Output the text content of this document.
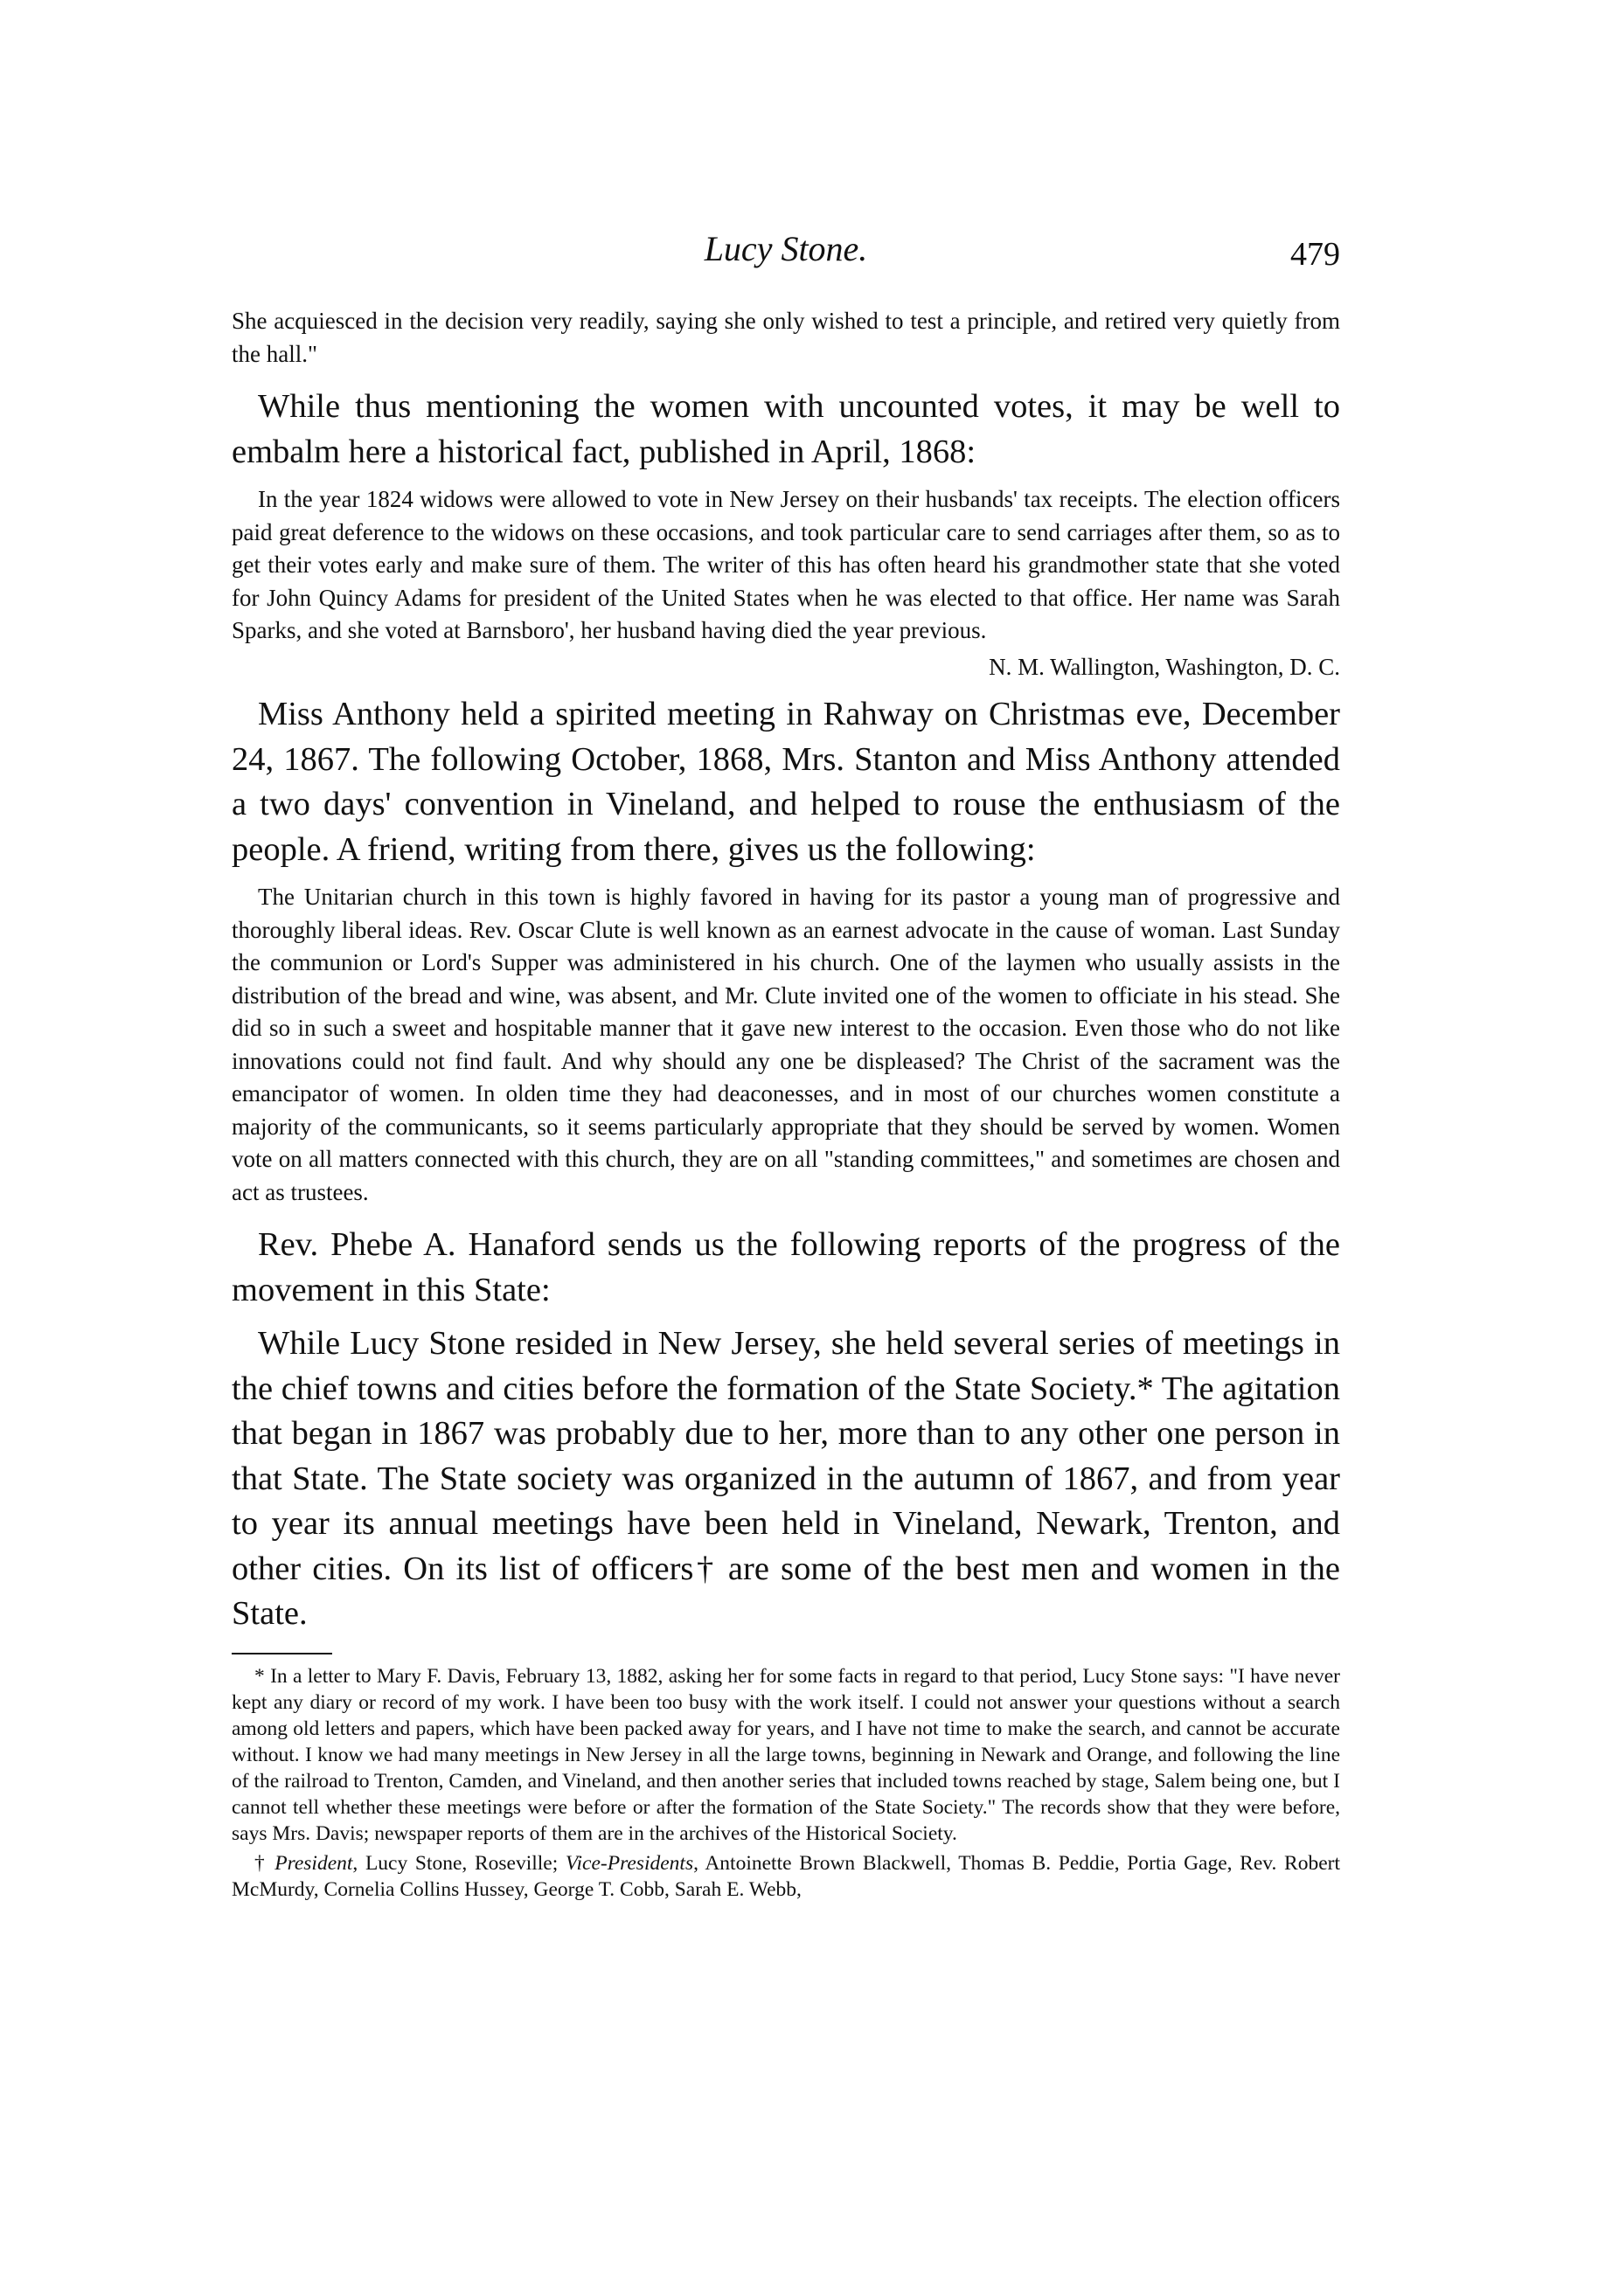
Lucy Stone.	479

She acquiesced in the decision very readily, saying she only wished to test a principle, and retired very quietly from the hall."

While thus mentioning the women with uncounted votes, it may be well to embalm here a historical fact, published in April, 1868:

In the year 1824 widows were allowed to vote in New Jersey on their husbands' tax receipts. The election officers paid great deference to the widows on these occasions, and took particular care to send carriages after them, so as to get their votes early and make sure of them. The writer of this has often heard his grandmother state that she voted for John Quincy Adams for president of the United States when he was elected to that office. Her name was Sarah Sparks, and she voted at Barnsboro', her husband having died the year previous.

N. M. Wallington, Washington, D. C.

Miss Anthony held a spirited meeting in Rahway on Christmas eve, December 24, 1867. The following October, 1868, Mrs. Stanton and Miss Anthony attended a two days' convention in Vineland, and helped to rouse the enthusiasm of the people. A friend, writing from there, gives us the following:

The Unitarian church in this town is highly favored in having for its pastor a young man of progressive and thoroughly liberal ideas. Rev. Oscar Clute is well known as an earnest advocate in the cause of woman. Last Sunday the communion or Lord's Supper was administered in his church. One of the laymen who usually assists in the distribution of the bread and wine, was absent, and Mr. Clute invited one of the women to officiate in his stead. She did so in such a sweet and hospitable manner that it gave new interest to the occasion. Even those who do not like innovations could not find fault. And why should any one be displeased? The Christ of the sacrament was the emancipator of women. In olden time they had deaconesses, and in most of our churches women constitute a majority of the communicants, so it seems particularly appropriate that they should be served by women. Women vote on all matters connected with this church, they are on all "standing committees," and sometimes are chosen and act as trustees.

Rev. Phebe A. Hanaford sends us the following reports of the progress of the movement in this State:

While Lucy Stone resided in New Jersey, she held several series of meetings in the chief towns and cities before the formation of the State Society.* The agitation that began in 1867 was probably due to her, more than to any other one person in that State. The State society was organized in the autumn of 1867, and from year to year its annual meetings have been held in Vineland, Newark, Trenton, and other cities. On its list of officers† are some of the best men and women in the State.

* In a letter to Mary F. Davis, February 13, 1882, asking her for some facts in regard to that period, Lucy Stone says: "I have never kept any diary or record of my work. I have been too busy with the work itself. I could not answer your questions without a search among old letters and papers, which have been packed away for years, and I have not time to make the search, and cannot be accurate without. I know we had many meetings in New Jersey in all the large towns, beginning in Newark and Orange, and following the line of the railroad to Trenton, Camden, and Vineland, and then another series that included towns reached by stage, Salem being one, but I cannot tell whether these meetings were before or after the formation of the State Society." The records show that they were before, says Mrs. Davis; newspaper reports of them are in the archives of the Historical Society.

† President, Lucy Stone, Roseville; Vice-Presidents, Antoinette Brown Blackwell, Thomas B. Peddie, Portia Gage, Rev. Robert McMurdy, Cornelia Collins Hussey, George T. Cobb, Sarah E. Webb,
